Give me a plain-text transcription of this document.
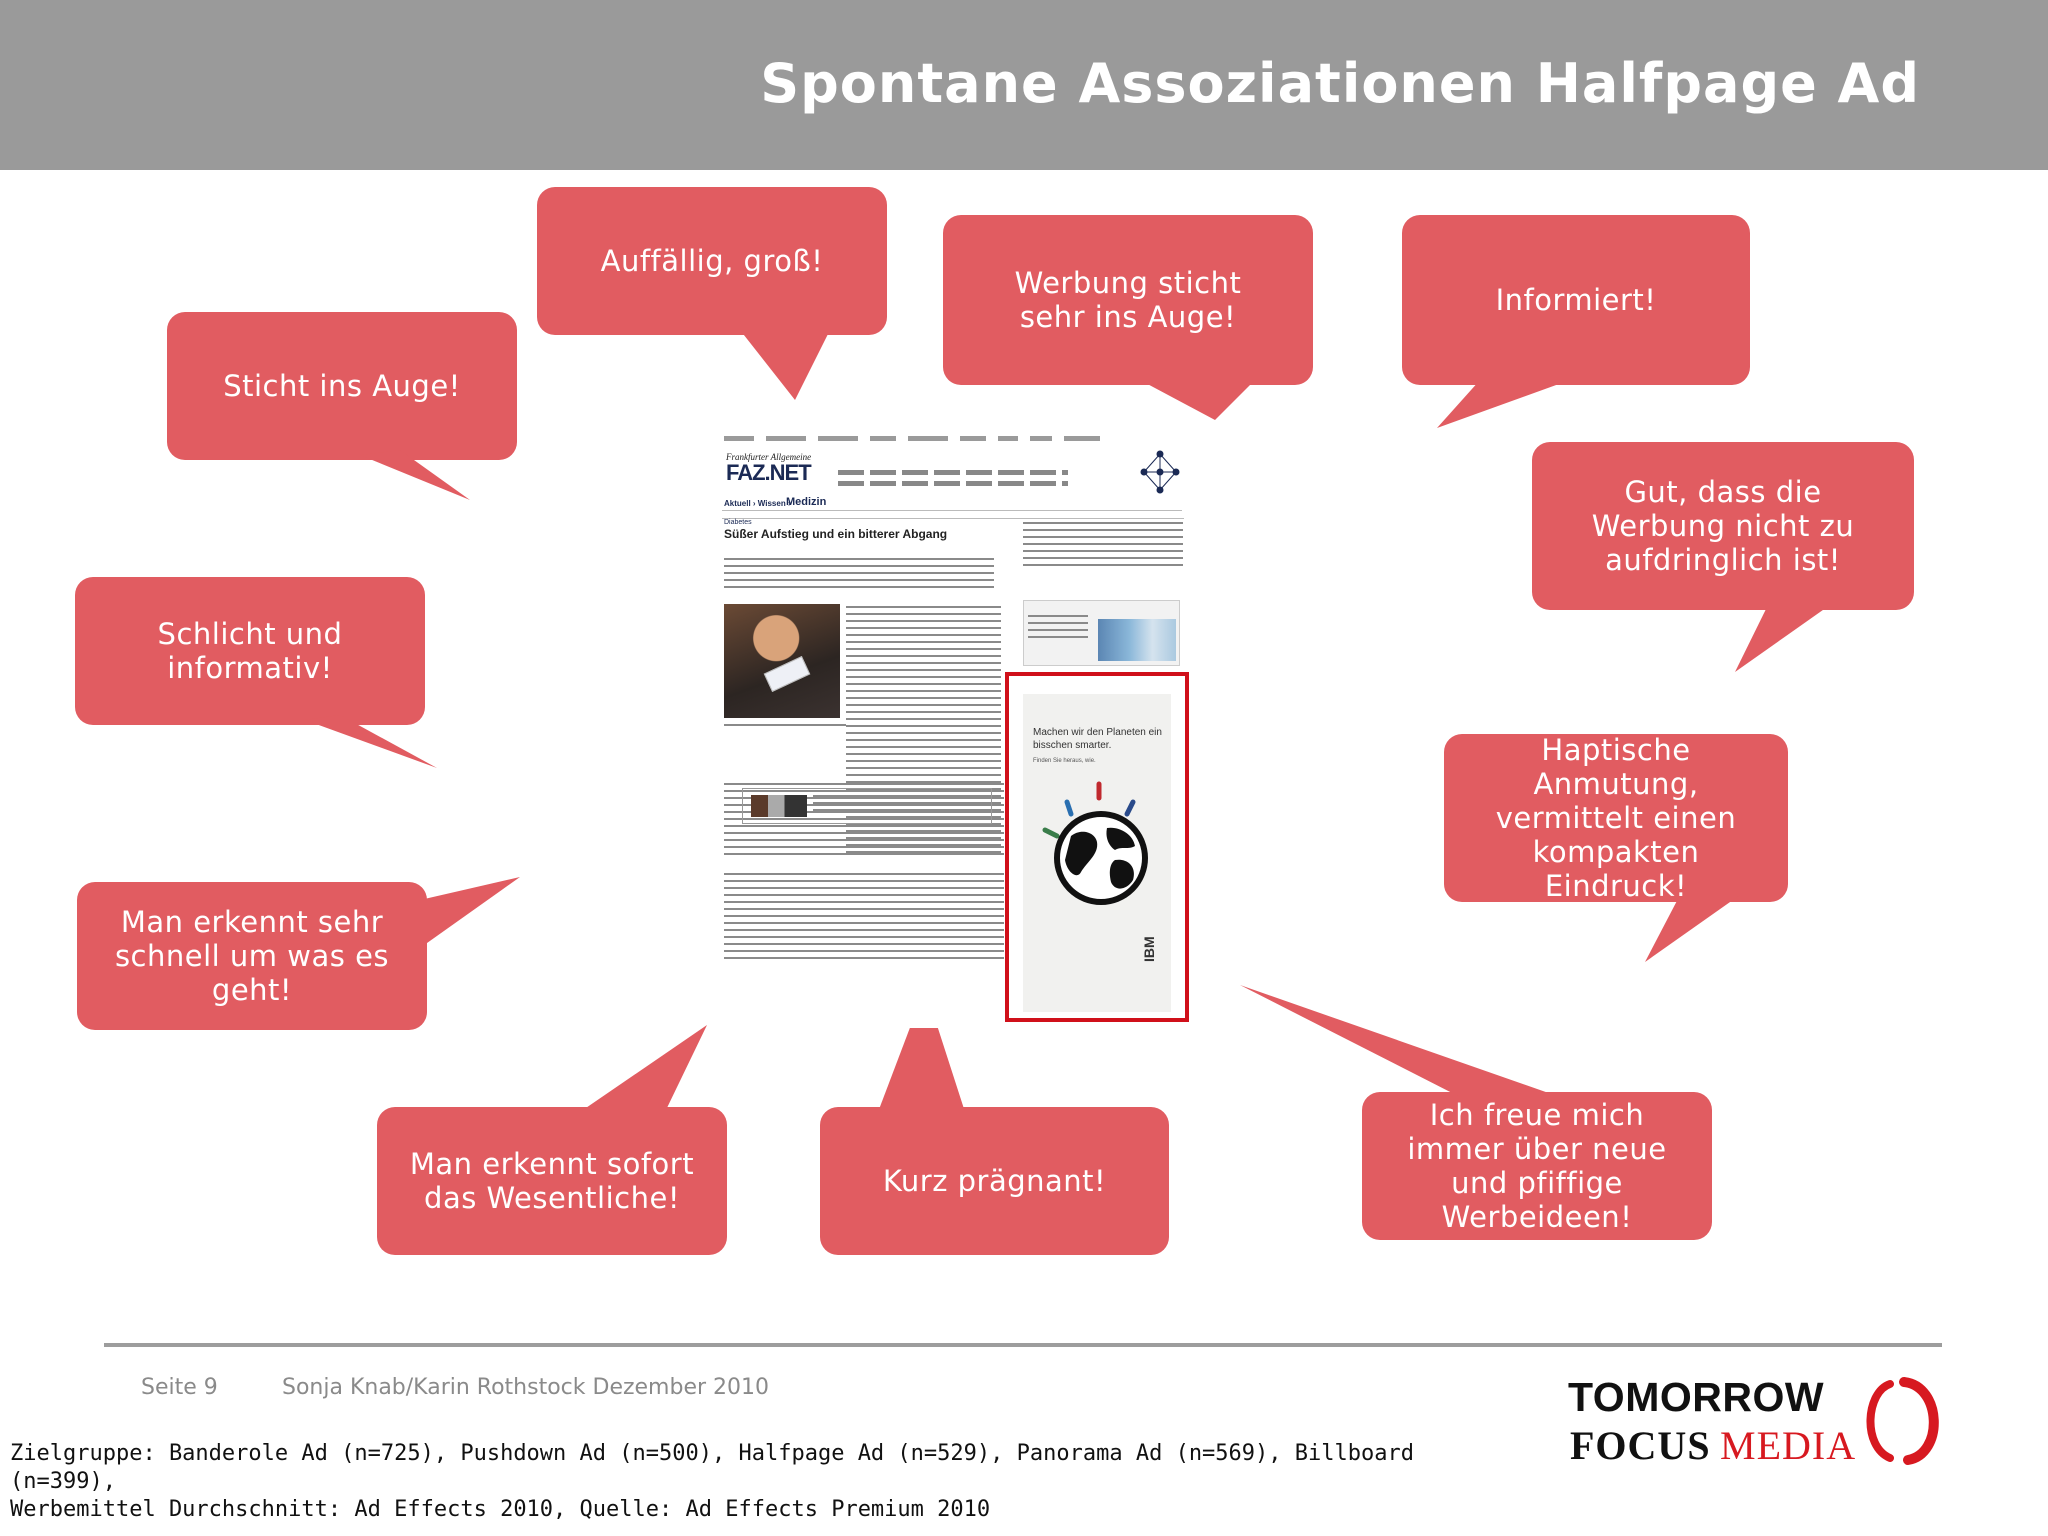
Spontane Assoziationen Halfpage Ad
Sticht ins Auge!
Auffällig, groß!
Werbung sticht sehr ins Auge!	Informiert!
Gut, dass die Werbung nicht zu aufdringlich ist!
Schlicht und informativ!
Haptische Anmutung, vermittelt einen kompakten Eindruck!
Man erkennt sehr schnell um was es geht!
Man erkennt sofort das Wesentliche!	Kurz prägnant!
Ich freue mich immer über neue und pfiffige Werbeideen!
Frankfurter Allgemeine
FAZ.NET
Aktuell › Wissen ›
Medizin
Diabetes
Süßer Aufstieg und ein bitterer Abgang
Machen wir den Planeten ein bisschen smarter.
Finden Sie heraus, wie.
IBM
Seite 9	Sonja Knab/Karin Rothstock Dezember 2010

Zielgruppe: Banderole Ad (n=725), Pushdown Ad (n=500), Halfpage Ad (n=529), Panorama Ad (n=569), Billboard (n=399),
Werbemittel Durchschnitt: Ad Effects 2010, Quelle: Ad Effects Premium 2010

TOMORROW
FOCUS MEDIA
